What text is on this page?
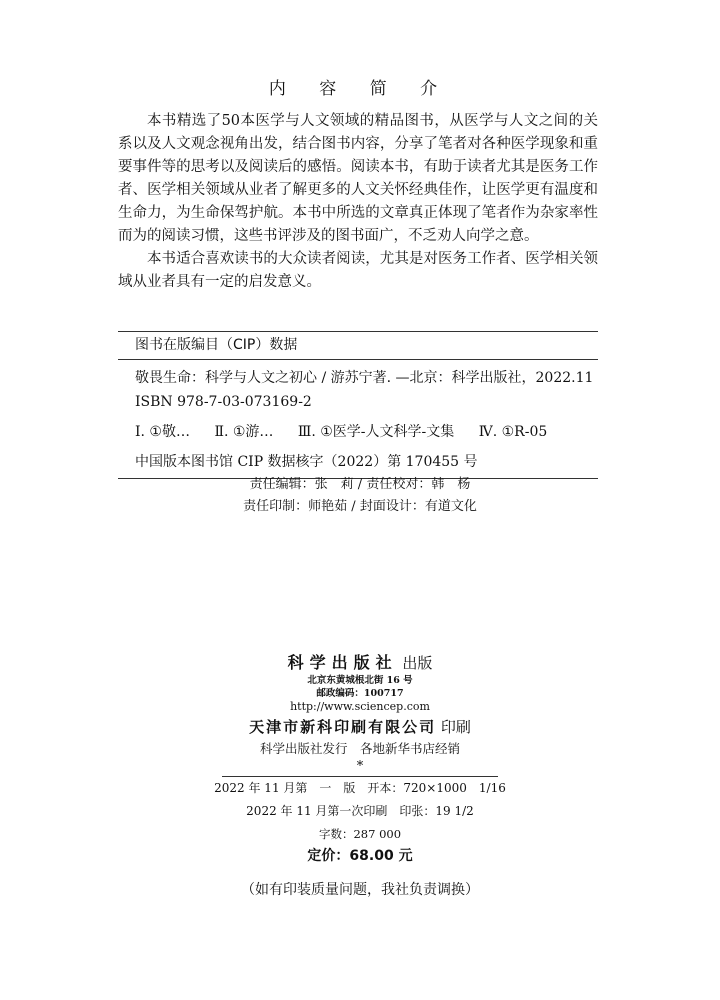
内 容 简 介

本书精选了50本医学与人文领域的精品图书，从医学与人文之间的关系以及人文观念视角出发，结合图书内容，分享了笔者对各种医学现象和重要事件等的思考以及阅读后的感悟。阅读本书，有助于读者尤其是医务工作者、医学相关领域从业者了解更多的人文关怀经典佳作，让医学更有温度和生命力，为生命保驾护航。本书中所选的文章真正体现了笔者作为杂家率性而为的阅读习惯，这些书评涉及的图书面广，不乏劝人向学之意。

本书适合喜欢读书的大众读者阅读，尤其是对医务工作者、医学相关领域从业者具有一定的启发意义。

图书在版编目（CIP）数据
敬畏生命：科学与人文之初心 / 游苏宁著. —北京：科学出版社，2022.11
ISBN 978-7-03-073169-2
Ⅰ. ①敬… Ⅱ. ①游… Ⅲ. ①医学-人文科学-文集 Ⅳ. ①R-05
中国版本图书馆 CIP 数据核字（2022）第 170455 号
责任编辑：张　莉 / 责任校对：韩　杨
责任印制：师艳茹 / 封面设计：有道文化
科学出版社 出版
北京东黄城根北街 16 号
邮政编码：100717
http://www.sciencep.com
天津市新科印刷有限公司 印刷
科学出版社发行　各地新华书店经销
*
2022 年 11 月第　一　版　开本：720×1000　1/16
2022 年 11 月第一次印刷　印张：19 1/2
字数：287 000
定价：68.00 元
（如有印装质量问题，我社负责调换）
